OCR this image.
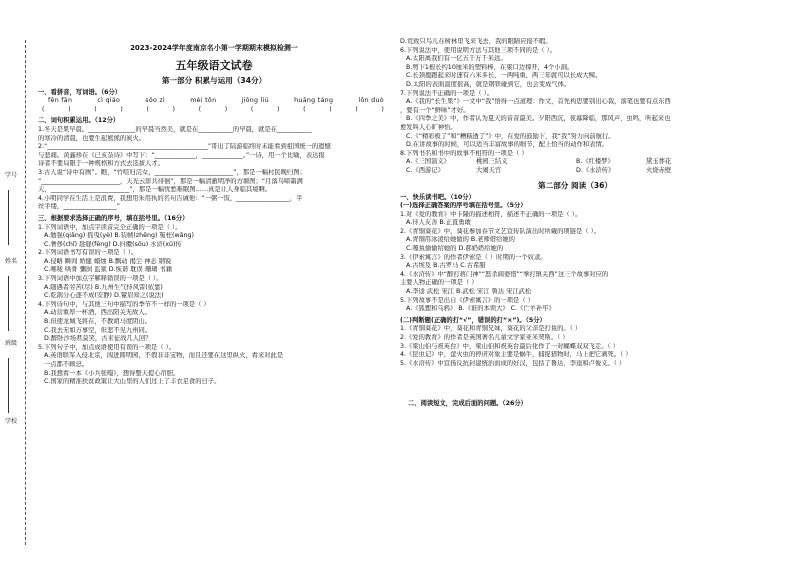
学号
姓名
班级
学校
2023-2024学年度南京名小第一学期期末模拟检测一
五年级语文试卷
第一部分 积累与运用（34分）
一、看拼音，写词语。（6分）
fēn fān	cì qiáo	sōo zì	mèi tōn	jiōng liú	huāng táng	lōn duò
(	)	(	)	(	)	(	)	(	)	(	)	(	)
二、词句积累运用。（12分）
1.冬天是果早晨。_______________的早晨当然美，就是在___________的早晨，就是在___________
的寒冷的清晨，也要生起熊熊的炭火。
2.“___________________________________________________”哥出了陆游临终时未能看到祖国统一的遗憾
与悲痛。黄鑫珍在《已亥杂诗》中写下：“_____________，_____________。”一诗，用一个比喻，表达报
诗者不要局限于一种规格和方式去选拔人才。
3.古人说“诗中有画”。瞧，“竹喧归浣女，_________________________”，那是一幅村民晚归图；
“_________________________，天光云影共徘徊”，那是一幅清澈明净的方塘图；“月落乌啼霜满
天，_________________________”，那是一幅忧愁难眠图……真是让人身临其境啊。
4.小明同学在生活上是浪费，我想用朱用执的名句告诫他：“一粥一饭，_________________，半
丝半缕，_________________”
三、根据要求选择正确的序号，填在括号里。（16分）
1.下列词语中，加点字读音完全正确的一项是（ ）。
A.勉强(qiǎng) 摇曳(yè) B.装帧(zhēng) 冤枉(wǎng)
C.奢侈(chǐ) 趁缝(fèng) D.抖擞(sǒu) 水浒(xǔ)传
2.下列词语书写有误的一项是（ ）。
A.侵略 瞬间 娇健 蜡烛 B.飘动 揭尘 神态 钢锐
C.喉咙 哄骨 彌润 监狱 D.恢谐 耽误 珊瑚 书籍
3.下列词语中加点字解释错误的一项是（ ）。
A.随遇者劳苦(尽) B.九州生气恃风雷(依靠)
C.乾鹊分心逐不成(安静) D.颦眉知之(说法)
4.下列诗句中，与其他三句中描写的季节不一样的一项是（ ）
A.动营重厚一杯酒，西出阳关无故人。
B.但使龙城飞将在，不教胡马度阴山。
C.我去无如万事空，但悲不见九州同。
D.醉卧沙场君莫笑，古来征战几人回？
5.下列句子中，加点成语使用有误的一项是（ ）。
A.英语联军入侵北京，闯进圆明园，不假非非宝物，而且还要在这里纵火，看来对此是
一点都不顾忌。
B.我想看一本《小兵张嘎》，想得整天提心吊胆。
C.国家的精准扶贫政策让大山里的人们过上了丰衣足食的日子。
D.荒致只鸟儿在树林里飞来飞去，我的眼睛应接不暇。
6.下列说法中，使用说明方法与其他三项不同的是（ ）。
A.太阳离我们有一亿五千万千米远。
B.剪下1根长约10厘米的塑料棒，在梁口边撑开，4个小洞。
C.长颈鹿跑起来时速有六米多长，一两吨重，两三年就可以长成大鲸。
D.太阳的表面温度很高，就是钢铁碰到它，也会变成气体。
7.下列说法不正确的一项是（ ）。
A.《我的“长生果”》一文中“我”悟得一点道理：作文，首先构思要别出心裁，落笔也要有点东西
，要有一个“鲜味”才好。
B.《四季之美》中，作者认为夏天的音音最美。夕阳西沉，夜幕降临，那风声、虫鸣，听起来也
愈发叫人心旷神怡。
C.《“精彩极了”和“糟糕透了”》中，在爱的鼓励下，我“我”努力向前航行。
D.在讲故事的时候，可以适当丰富故事的细节，配上恰当的动作和表情。
8.下列书名和书中的故事不相符的一项是（ ）
A.《三国演义》	桃园三结义	B.《红楼梦》	黛玉葬花
C.《西游记》	大闹天宫	D.《水浒传》	火烧赤壁
第二部分 阅读（36）
一、快乐读书吧。（10分）
(一)选择正确答案的序号填在括号里。（5分）
1.对《爱的教育》中卡隆的描述相符，描述不正确的一项是（ ）。
A.待人友善 B.正直勇敢
2.《青铜葵花》中，葵花参加春节文艺宣传队演出时所戴的项链是（ ）。
A.青铜用冰凌给她做的 B.老师借给她的
C.嘎鱼偷偷给她的 D.郝奶奶给她的
3.《伊索寓言》的作者伊索是（ ）时期的一个奴隶。
A.古埃及 B.古罗马 C.古希腊
4.《水浒传》中“醉打蒋门神”“怒杀阎婆惜”“拳打镇关西”这三个故事对应的
主要人物正确的一项是（ ）
A.李逵 武松 宋江 B.武松 宋江 鲁达 宋江武松
5.下列故事不是出自《伊索寓言》的一项是（ ）
A.《狐狸和乌鸦》 B.《谁的本领大》 C.《亡羊补牢》
(二)判断题(正确的打“√”，错误的打“×”)。（5分）
1.《青铜葵花》中，葵花和青铜兄妹，葵花的父亲是打鱼的。（ ）
2.《爱的教育》的作者是英国著名儿童文学家亚米契斯。（ ）
3.《梁山伯与祝英台》中，梁山伯和祝英台最后化作了一对蝴蝶双双飞走。（ ）
4.《昆虫记》中，萤火虫的停虏对象主要是蜗牛，捕捉猎物时，马上把它剥死。（ ）
5.《水浒传》中宣扬反抗封建统治而成的好汉，包括了鲁达、李逵和卢俊义。（ ）
二、阅读短文，完成后面的问题。（26分）
